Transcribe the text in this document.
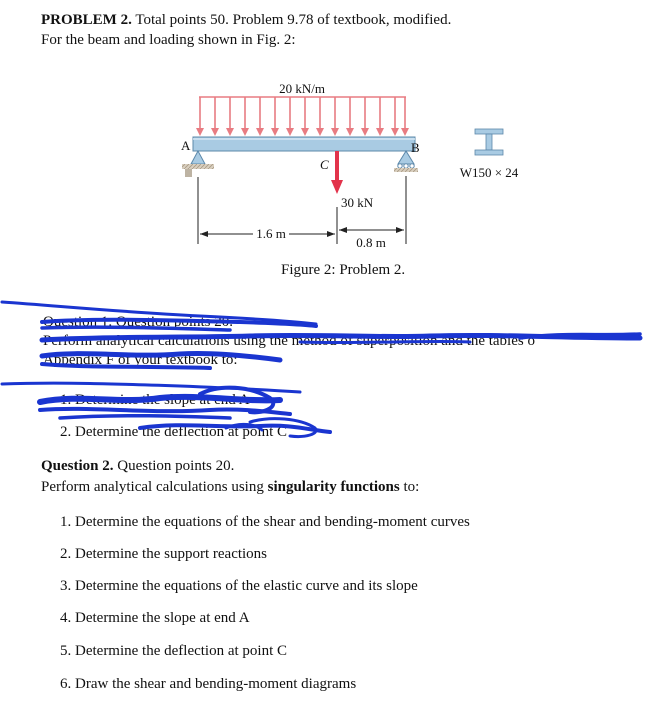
PROBLEM 2. Total points 50. Problem 9.78 of textbook, modified.

For the beam and loading shown in Fig. 2:

20 kN/m
A	B
C
30 kN
W150 × 24
1.6 m
0.8 m

Figure 2: Problem 2.

Question 1. Question points 20.

Perform analytical calculations using the method of superposition and the tables o

Appendix F of your textbook to:

1. Determine the slope at end A

2. Determine the deflection at point C

Question 2. Question points 20.

Perform analytical calculations using singularity functions to:

1. Determine the equations of the shear and bending-moment curves

2. Determine the support reactions

3. Determine the equations of the elastic curve and its slope

4. Determine the slope at end A

5. Determine the deflection at point C

6. Draw the shear and bending-moment diagrams
